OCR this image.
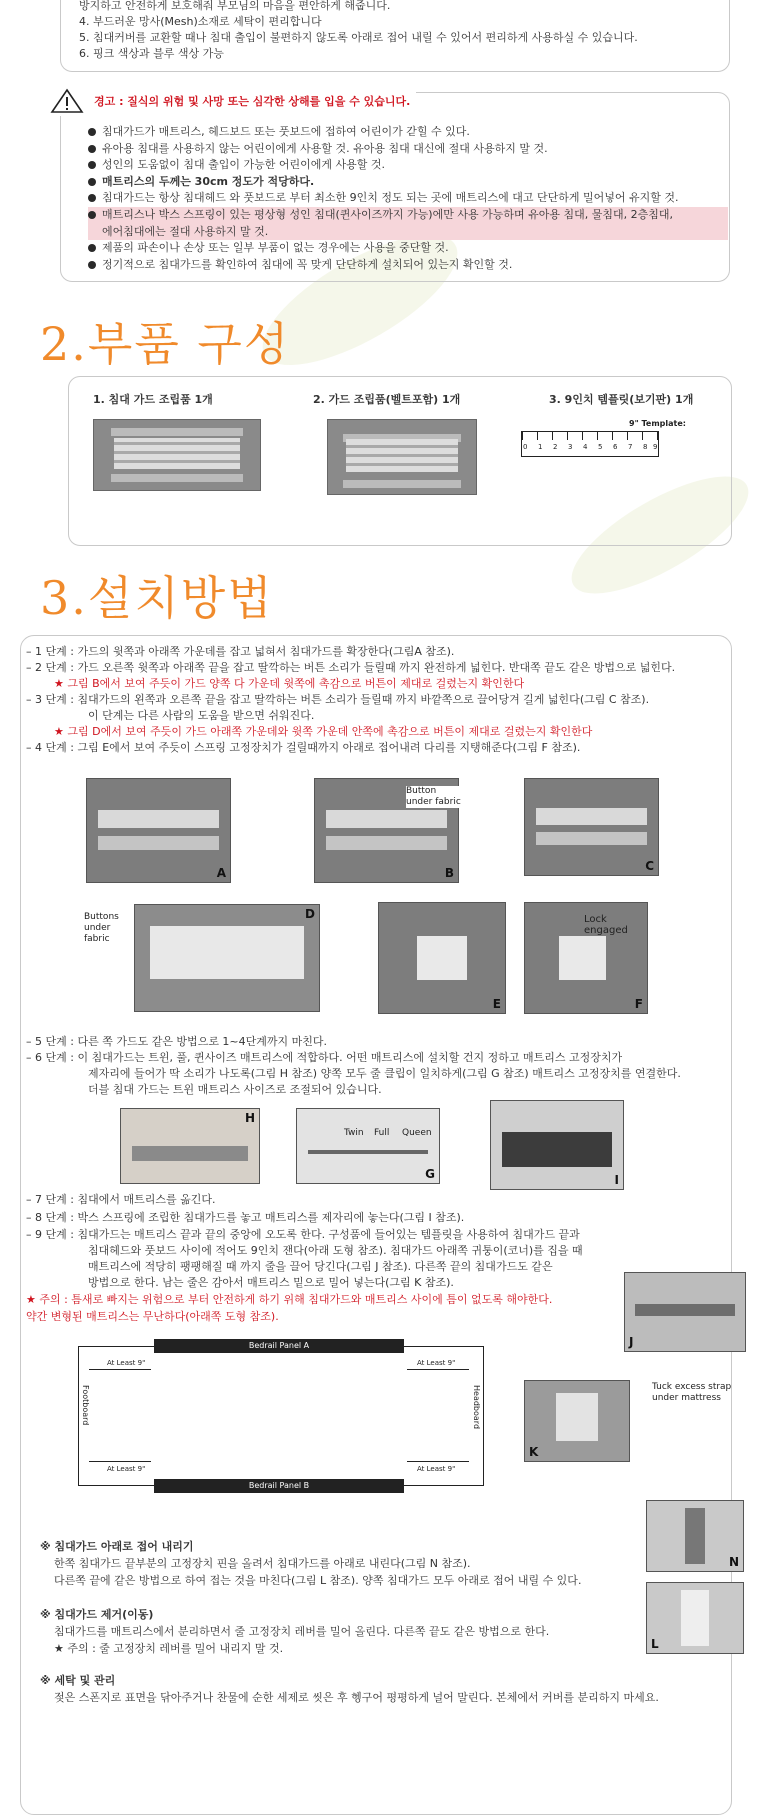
방지하고 안전하게 보호해줘 부모님의 마음을 편안하게 해줍니다.
4. 부드러운 망사(Mesh)소재로 세탁이 편리합니다
5. 침대커버를 교환할 때나 침대 출입이 불편하지 않도록 아래로 접어 내릴 수 있어서 편리하게 사용하실 수 있습니다.
6. 핑크 색상과 블루 색상 가능
경고 : 질식의 위험 및 사망 또는 심각한 상해를 입을 수 있습니다.
침대가드가 매트리스, 헤드보드 또는 풋보드에 접하여 어린이가 갇힐 수 있다.
유아용 침대를 사용하지 않는 어린이에게 사용할 것. 유아용 침대 대신에 절대 사용하지 말 것.
성인의 도움없이 침대 출입이 가능한 어린이에게 사용할 것.
매트리스의 두께는 30cm 정도가 적당하다.
침대가드는 항상 침대헤드 와 풋보드로 부터 최소한 9인치 정도 되는 곳에 매트리스에 대고 단단하게 밀어넣어 유지할 것.
매트리스나 박스 스프링이 있는 평상형 성인 침대(퀸사이즈까지 가능)에만 사용 가능하며 유아용 침대, 물침대, 2층침대,
에어침대에는 절대 사용하지 말 것.
제품의 파손이나 손상 또는 일부 부품이 없는 경우에는 사용을 중단할 것.
정기적으로 침대가드를 확인하여 침대에 꼭 맞게 단단하게 설치되어 있는지 확인할 것.
2.부품 구성
1. 침대 가드 조립품 1개	2. 가드 조립품(벨트포함) 1개	3. 9인치 템플릿(보기판) 1개
9" Template:
0 1 2 3 4 5 6 7 8 9
3.설치방법
– 1 단계 : 가드의 윗쪽과 아래쪽 가운데를 잡고 넓혀서 침대가드를 확장한다(그림A 참조).
– 2 단계 : 가드 오른쪽 윗쪽과 아래쪽 끝을 잡고 딸깍하는 버튼 소리가 들릴때 까지 완전하게 넓힌다. 반대쪽 끝도 같은 방법으로 넓힌다.
★ 그림 B에서 보여 주듯이 가드 양쪽 다 가운데 윗쪽에 촉감으로 버튼이 제대로 걸렸는지 확인한다
– 3 단계 : 침대가드의 왼쪽과 오른쪽 끝을 잡고 딸깍하는 버튼 소리가 들릴때 까지 바깥쪽으로 끌어당겨 길게 넓힌다(그림 C 참조).
이 단계는 다른 사람의 도움을 받으면 쉬워진다.
★ 그림 D에서 보여 주듯이 가드 아래쪽 가운데와 윗쪽 가운데 안쪽에 촉감으로 버튼이 제대로 걸렸는지 확인한다
– 4 단계 : 그림 E에서 보여 주듯이 스프링 고정장치가 걸릴때까지 아래로 접어내려 다리를 지탱해준다(그림 F 참조).
A	B
Button under fabric
C
Buttons under fabric
D
E	F
Lock engaged
– 5 단계 : 다른 쪽 가드도 같은 방법으로 1~4단계까지 마친다.
– 6 단계 : 이 침대가드는 트윈, 풀, 퀸사이즈 매트리스에 적합하다. 어떤 매트리스에 설치할 건지 정하고 매트리스 고정장치가
제자리에 들어가 딱 소리가 나도록(그림 H 참조) 양쪽 모두 줄 클립이 일치하게(그림 G 참조) 매트리스 고정장치를 연결한다.
더블 침대 가드는 트윈 매트리스 사이즈로 조절되어 있습니다.
H
G
Twin Full Queen
I
– 7 단계 : 침대에서 매트리스를 옮긴다.
– 8 단계 : 박스 스프링에 조립한 침대가드를 놓고 매트리스를 제자리에 놓는다(그림 I 참조).
– 9 단계 : 침대가드는 매트리스 끝과 끝의 중앙에 오도록 한다. 구성품에 들어있는 템플릿을 사용하여 침대가드 끝과
침대헤드와 풋보드 사이에 적어도 9인치 잰다(아래 도형 참조). 침대가드 아래쪽 귀퉁이(코너)를 집을 때
매트리스에 적당히 팽팽해질 때 까지 줄을 끌어 당긴다(그림 J 참조). 다른쪽 끝의 침대가드도 같은
방법으로 한다. 남는 줄은 감아서 매트리스 밑으로 밀어 넣는다(그림 K 참조).
★ 주의 : 틈새로 빠지는 위험으로 부터 안전하게 하기 위해 침대가드와 매트리스 사이에 틈이 없도록 해야한다.
약간 변형된 매트리스는 무난하다(아래쪽 도형 참조).
J
K
Tuck excess strap under mattress
Bedrail Panel A
Bedrail Panel B
At Least 9"	At Least 9"
At Least 9"	At Least 9"
Footboard	Headboard
N
L
※ 침대가드 아래로 접어 내리기
한쪽 침대가드 끝부분의 고정장치 핀을 올려서 침대가드를 아래로 내린다(그림 N 참조).
다른쪽 끝에 같은 방법으로 하여 접는 것을 마친다(그림 L 참조). 양쪽 침대가드 모두 아래로 접어 내릴 수 있다.
※ 침대가드 제거(이동)
침대가드를 매트리스에서 분리하면서 줄 고정장치 레버를 밀어 올린다. 다른쪽 끝도 같은 방법으로 한다.
★ 주의 : 줄 고정장치 레버를 밀어 내리지 말 것.
※ 세탁 및 관리
젖은 스폰지로 표면을 닦아주거나 찬물에 순한 세제로 씻은 후 헹구어 평평하게 널어 말린다. 본체에서 커버를 분리하지 마세요.
